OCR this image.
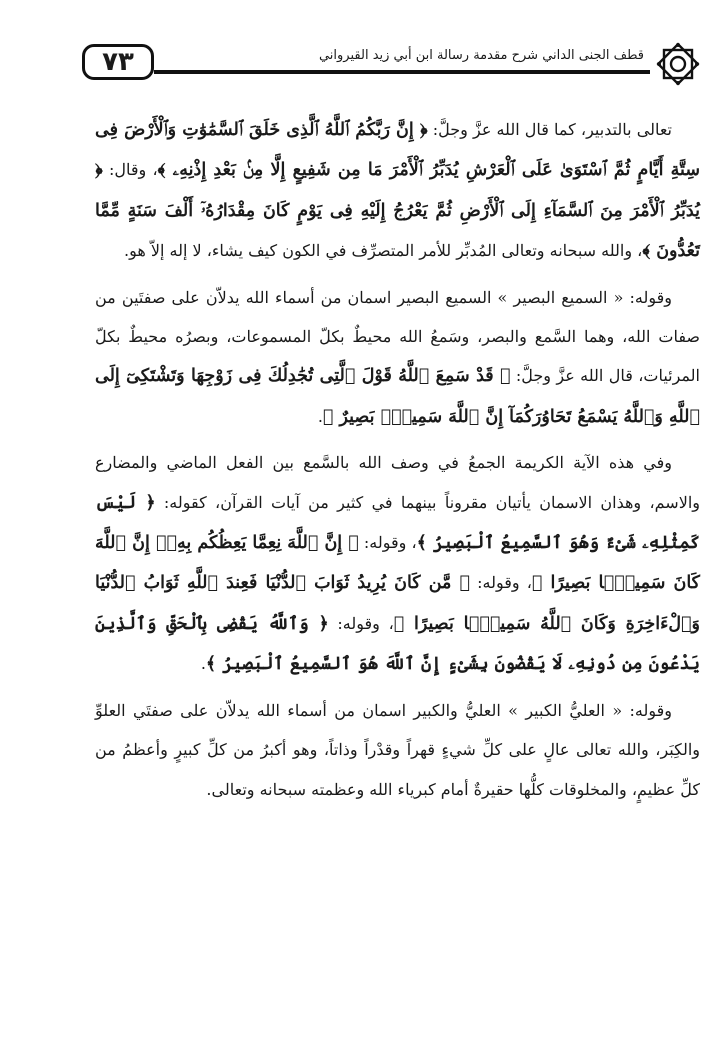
٧٣	قطف الجنى الداني شرح مقدمة رسالة ابن أبي زيد القيرواني

تعالى بالتدبير، كما قال الله عزَّ وجلَّ: ﴿ إِنَّ رَبَّكُمُ ٱللَّهُ ٱلَّذِى خَلَقَ ٱلسَّمَٰوَٰتِ وَٱلْأَرْضَ فِى سِتَّةِ أَيَّامٍ ثُمَّ ٱسْتَوَىٰ عَلَى ٱلْعَرْشِ يُدَبِّرُ ٱلْأَمْرَ مَا مِن شَفِيعٍ إِلَّا مِنۢ بَعْدِ إِذْنِهِۦ ﴾، وقال: ﴿ يُدَبِّرُ ٱلْأَمْرَ مِنَ ٱلسَّمَآءِ إِلَى ٱلْأَرْضِ ثُمَّ يَعْرُجُ إِلَيْهِ فِى يَوْمٍ كَانَ مِقْدَارُهُۥٓ أَلْفَ سَنَةٍ مِّمَّا تَعُدُّونَ ﴾، والله سبحانه وتعالى المُدبِّر للأمر المتصرِّف في الكون كيف يشاء، لا إله إلاّ هو.

وقوله: « السميع البصير » السميع البصير اسمان من أسماء الله يدلاّن على صفتَين من صفات الله، وهما السَّمع والبصر، وسَمعُ الله محيطٌ بكلّ المسموعات، وبصرُه محيطٌ بكلّ المرئيات، قال الله عزَّ وجلَّ: ﴿ قَدْ سَمِعَ ٱللَّهُ قَوْلَ ٱلَّتِى تُجَٰدِلُكَ فِى زَوْجِهَا وَتَشْتَكِىٓ إِلَى ٱللَّهِ وَٱللَّهُ يَسْمَعُ تَحَاوُرَكُمَآ إِنَّ ٱللَّهَ سَمِيعٌۢ بَصِيرٌ ﴾.

وفي هذه الآية الكريمة الجمعُ في وصف الله بالسَّمع بين الفعل الماضي والمضارع والاسم، وهذان الاسمان يأتيان مقروناً بينهما في كثير من آيات القرآن، كقوله: ﴿ لَيْسَ كَمِثْلِهِۦ شَىْءٌ وَهُوَ ٱلسَّمِيعُ ٱلْبَصِيرُ ﴾، وقوله: ﴿ إِنَّ ٱللَّهَ نِعِمَّا يَعِظُكُم بِهِۦٓ إِنَّ ٱللَّهَ كَانَ سَمِيعًۢا بَصِيرًا ﴾، وقوله: ﴿ مَّن كَانَ يُرِيدُ ثَوَابَ ٱلدُّنْيَا فَعِندَ ٱللَّهِ ثَوَابُ ٱلدُّنْيَا وَٱلْءَاخِرَةِ وَكَانَ ٱللَّهُ سَمِيعًۢا بَصِيرًا ﴾، وقوله: ﴿ وَٱللَّهُ يَقْضِى بِٱلْحَقِّ وَٱلَّذِينَ يَدْعُونَ مِن دُونِهِۦ لَا يَقْضُونَ بِشَىْءٍ إِنَّ ٱللَّهَ هُوَ ٱلسَّمِيعُ ٱلْبَصِيرُ ﴾.

وقوله: « العليُّ الكبير » العليُّ والكبير اسمان من أسماء الله يدلاّن على صفتَي العلوِّ والكِبَر، والله تعالى عالٍ على كلِّ شيءٍ قهراً وقدْراً وذاتاً، وهو أكبرُ من كلِّ كبيرٍ وأعظمُ من كلِّ عظيمٍ، والمخلوقات كلُّها حقيرةٌ أمام كبرياء الله وعظمته سبحانه وتعالى.
